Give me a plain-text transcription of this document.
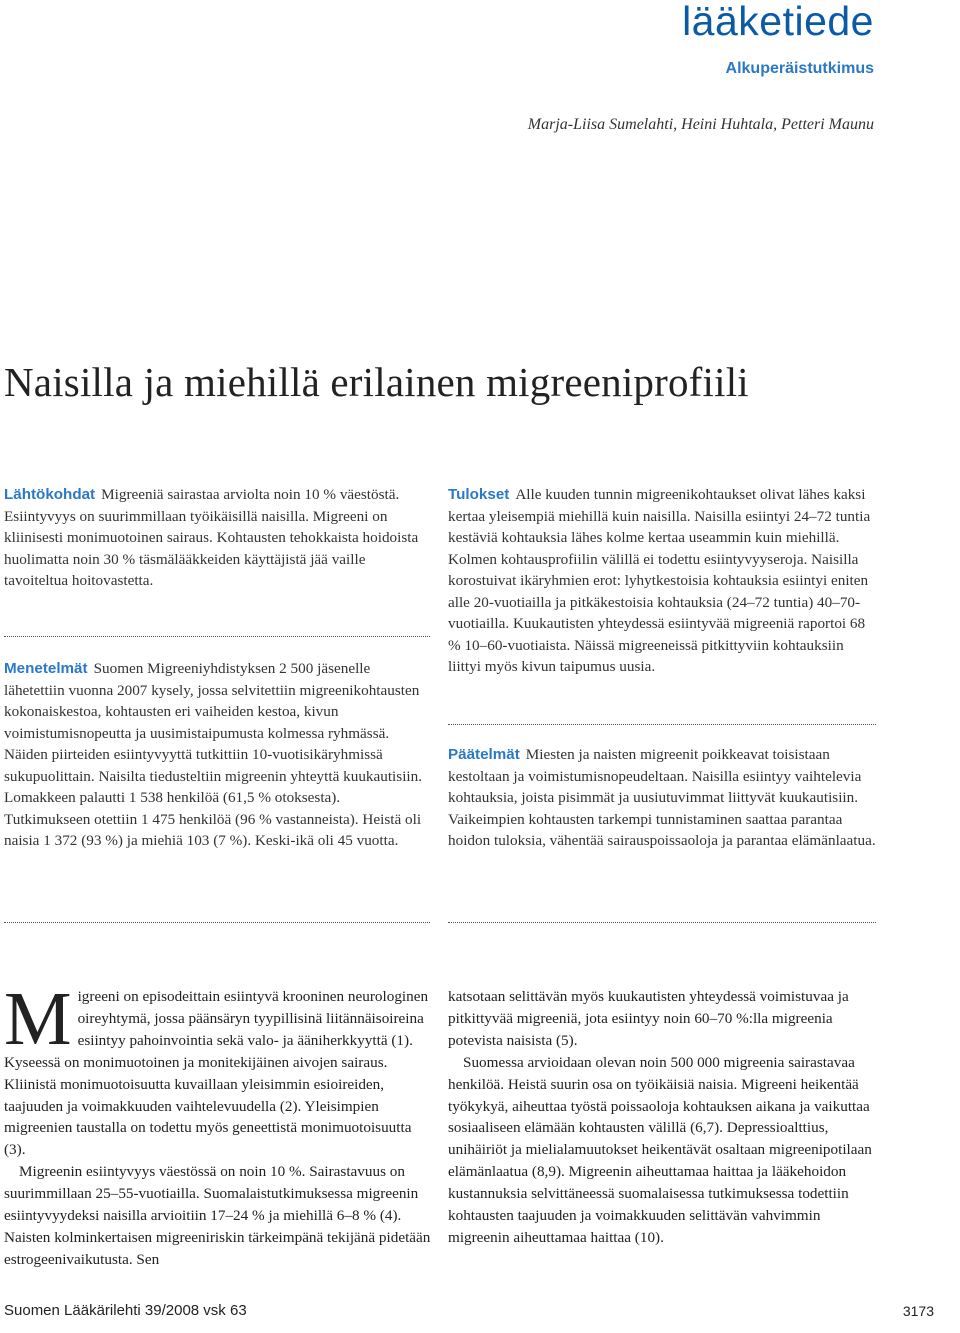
lääketiede
Alkuperäistutkimus
Marja-Liisa Sumelahti, Heini Huhtala, Petteri Maunu
Naisilla ja miehillä erilainen migreeniprofiili

Lähtökohdat Migreeniä sairastaa arviolta noin 10 % väestöstä. Esiintyvyys on suurimmillaan työikäisillä naisilla. Migreeni on kliinisesti monimuotoinen sairaus. Kohtausten tehokkaista hoidoista huolimatta noin 30 % täsmälääkkeiden käyttäjistä jää vaille tavoiteltua hoitovastetta.

Menetelmät Suomen Migreeniyhdistyksen 2 500 jäsenelle lähetettiin vuonna 2007 kysely, jossa selvitettiin migreenikohtausten kokonaiskestoa, kohtausten eri vaiheiden kestoa, kivun voimistumisnopeutta ja uusimistaipumusta kolmessa ryhmässä. Näiden piirteiden esiintyvyyttä tutkittiin 10-vuotisikäryhmissä sukupuolittain. Naisilta tiedusteltiin migreenin yhteyttä kuukautisiin. Lomakkeen palautti 1 538 henkilöä (61,5 % otoksesta). Tutkimukseen otettiin 1 475 henkilöä (96 % vastanneista). Heistä oli naisia 1 372 (93 %) ja miehiä 103 (7 %). Keski-ikä oli 45 vuotta.

Tulokset Alle kuuden tunnin migreenikohtaukset olivat lähes kaksi kertaa yleisempiä miehillä kuin naisilla. Naisilla esiintyi 24–72 tuntia kestäviä kohtauksia lähes kolme kertaa useammin kuin miehillä. Kolmen kohtausprofiilin välillä ei todettu esiintyvyyseroja. Naisilla korostuivat ikäryhmien erot: lyhytkestoisia kohtauksia esiintyi eniten alle 20-vuotiailla ja pitkäkestoisia kohtauksia (24–72 tuntia) 40–70-vuotiailla. Kuukautisten yhteydessä esiintyvää migreeniä raportoi 68 % 10–60-vuotiaista. Näissä migreeneissä pitkittyviin kohtauksiin liittyi myös kivun taipumus uusia.

Päätelmät Miesten ja naisten migreenit poikkeavat toisistaan kestoltaan ja voimistumisnopeudeltaan. Naisilla esiintyy vaihtelevia kohtauksia, joista pisimmät ja uusiutuvimmat liittyvät kuukautisiin. Vaikeimpien kohtausten tarkempi tunnistaminen saattaa parantaa hoidon tuloksia, vähentää sairauspoissaoloja ja parantaa elämänlaatua.

Migreeni on episodeittain esiintyvä krooninen neurologinen oireyhtymä, jossa päänsäryn tyypillisinä liitännäisoireina esiintyy pahoinvointia sekä valo- ja ääniherkkyyttä (1). Kyseessä on monimuotoinen ja monitekijäinen aivojen sairaus. Kliinistä monimuotoisuutta kuvaillaan yleisimmin esioireiden, taajuuden ja voimakkuuden vaihtelevuudella (2). Yleisimpien migreenien taustalla on todettu myös geneettistä monimuotoisuutta (3).

Migreenin esiintyvyys väestössä on noin 10 %. Sairastavuus on suurimmillaan 25–55-vuotiailla. Suomalaistutkimuksessa migreenin esiintyvyydeksi naisilla arvioitiin 17–24 % ja miehillä 6–8 % (4). Naisten kolminkertaisen migreeniriskin tärkeimpänä tekijänä pidetään estrogeenivaikutusta. Sen

katsotaan selittävän myös kuukautisten yhteydessä voimistuvaa ja pitkittyvää migreeniä, jota esiintyy noin 60–70 %:lla migreenia potevista naisista (5).

Suomessa arvioidaan olevan noin 500 000 migreenia sairastavaa henkilöä. Heistä suurin osa on työikäisiä naisia. Migreeni heikentää työkykyä, aiheuttaa työstä poissaoloja kohtauksen aikana ja vaikuttaa sosiaaliseen elämään kohtausten välillä (6,7). Depressioalttius, unihäiriöt ja mielialamuutokset heikentävät osaltaan migreenipotilaan elämänlaatua (8,9). Migreenin aiheuttamaa haittaa ja lääkehoidon kustannuksia selvittäneessä suomalaisessa tutkimuksessa todettiin kohtausten taajuuden ja voimakkuuden selittävän vahvimmin migreenin aiheuttamaa haittaa (10).

Suomen Lääkärilehti 39/2008 vsk 63	3173
